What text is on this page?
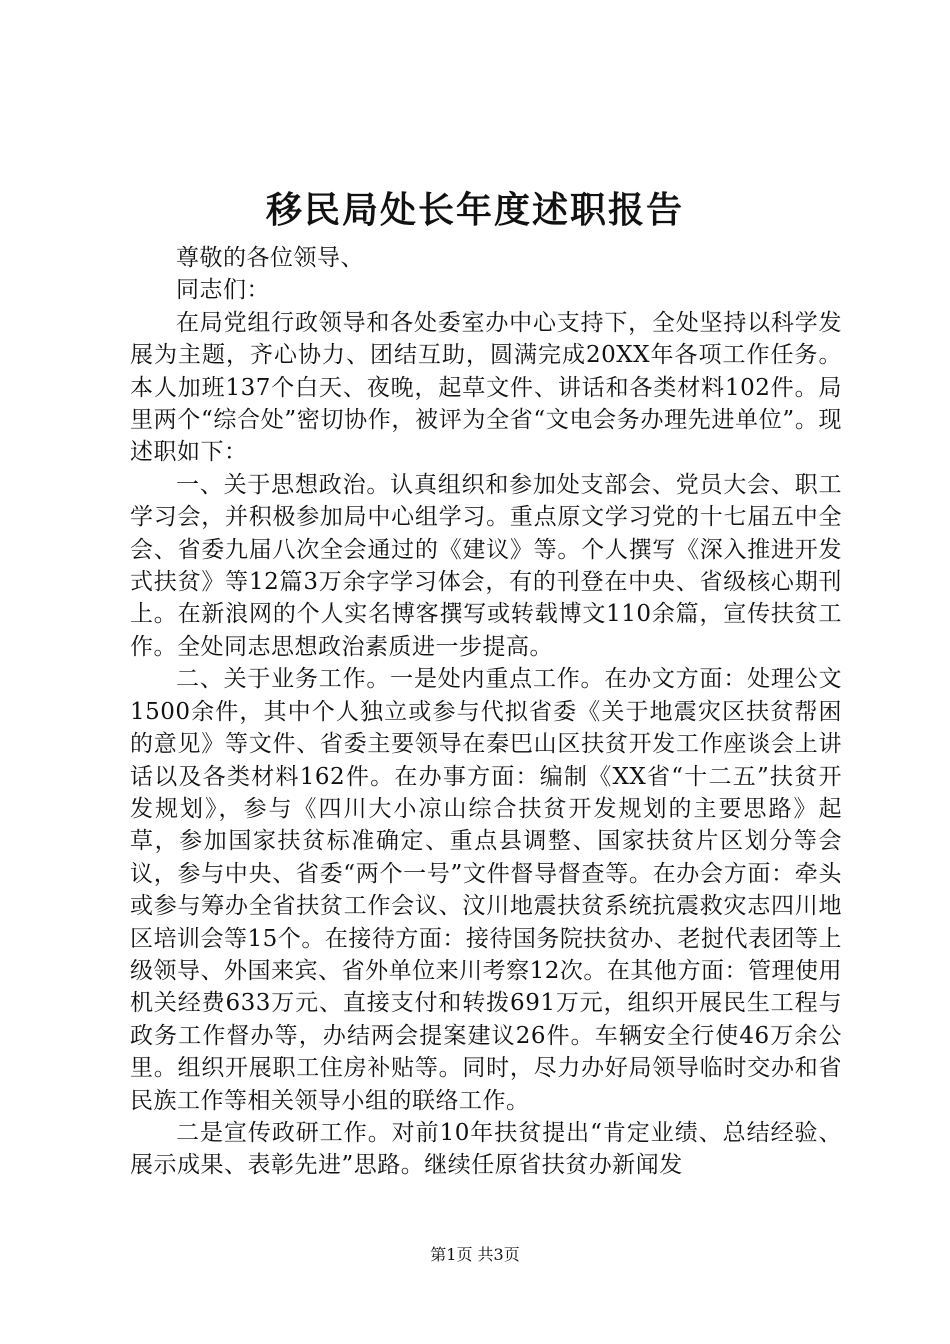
移民局处长年度述职报告

尊敬的各位领导、

同志们：

在局党组行政领导和各处委室办中心支持下，全处坚持以科学发展为主题，齐心协力、团结互助，圆满完成20XX年各项工作任务。本人加班137个白天、夜晚，起草文件、讲话和各类材料102件。局里两个“综合处”密切协作，被评为全省“文电会务办理先进单位”。现述职如下：

一、关于思想政治。认真组织和参加处支部会、党员大会、职工学习会，并积极参加局中心组学习。重点原文学习党的十七届五中全会、省委九届八次全会通过的《建议》等。个人撰写《深入推进开发式扶贫》等12篇3万余字学习体会，有的刊登在中央、省级核心期刊上。在新浪网的个人实名博客撰写或转载博文110余篇，宣传扶贫工作。全处同志思想政治素质进一步提高。

二、关于业务工作。一是处内重点工作。在办文方面：处理公文1500余件，其中个人独立或参与代拟省委《关于地震灾区扶贫帮困的意见》等文件、省委主要领导在秦巴山区扶贫开发工作座谈会上讲话以及各类材料162件。在办事方面：编制《XX省“十二五”扶贫开发规划》，参与《四川大小凉山综合扶贫开发规划的主要思路》起草，参加国家扶贫标准确定、重点县调整、国家扶贫片区划分等会议，参与中央、省委“两个一号”文件督导督查等。在办会方面：牵头或参与筹办全省扶贫工作会议、汶川地震扶贫系统抗震救灾志四川地区培训会等15个。在接待方面：接待国务院扶贫办、老挝代表团等上级领导、外国来宾、省外单位来川考察12次。在其他方面：管理使用机关经费633万元、直接支付和转拨691万元，组织开展民生工程与政务工作督办等，办结两会提案建议26件。车辆安全行使46万余公里。组织开展职工住房补贴等。同时，尽力办好局领导临时交办和省民族工作等相关领导小组的联络工作。

二是宣传政研工作。对前10年扶贫提出“肯定业绩、总结经验、展示成果、表彰先进”思路。继续任原省扶贫办新闻发

第1页 共3页
